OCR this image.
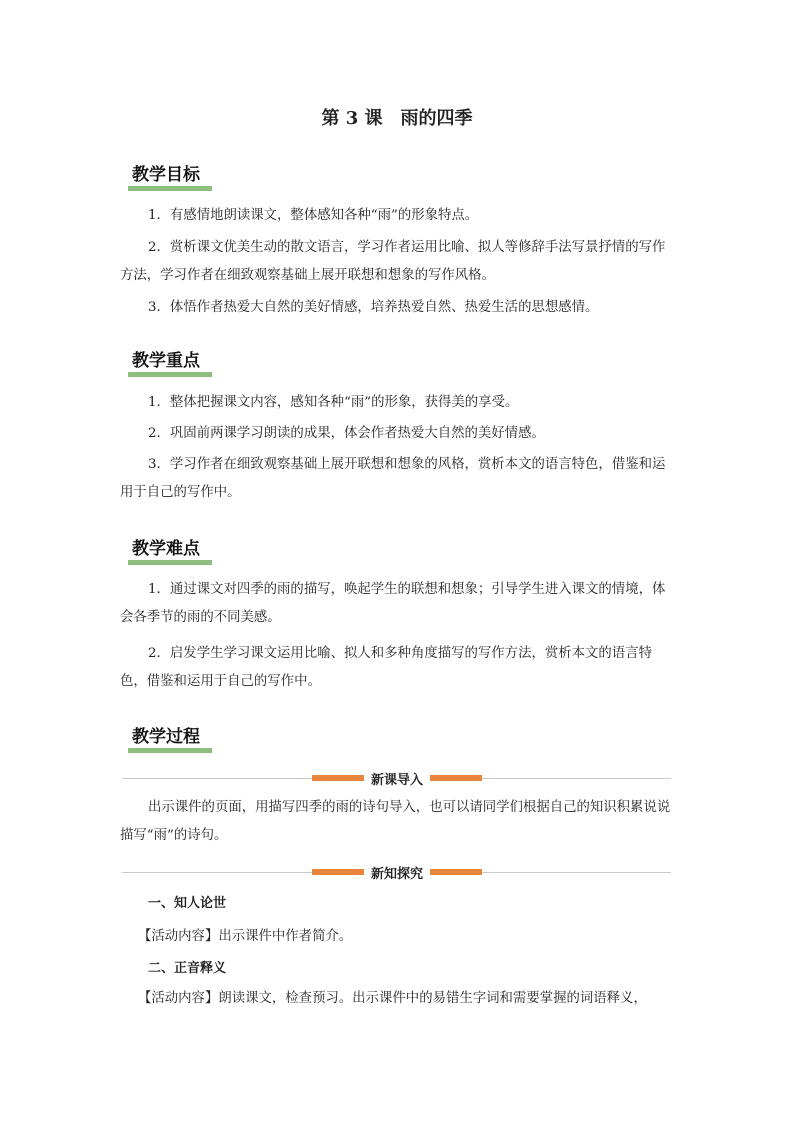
第 3 课　雨的四季
教学目标

1．有感情地朗读课文，整体感知各种“雨”的形象特点。

2．赏析课文优美生动的散文语言，学习作者运用比喻、拟人等修辞手法写景抒情的写作方法，学习作者在细致观察基础上展开联想和想象的写作风格。

3．体悟作者热爱大自然的美好情感，培养热爱自然、热爱生活的思想感情。

教学重点

1．整体把握课文内容，感知各种“雨”的形象，获得美的享受。

2．巩固前两课学习朗读的成果，体会作者热爱大自然的美好情感。

3．学习作者在细致观察基础上展开联想和想象的风格，赏析本文的语言特色，借鉴和运用于自己的写作中。

教学难点

1．通过课文对四季的雨的描写，唤起学生的联想和想象；引导学生进入课文的情境，体会各季节的雨的不同美感。

2．启发学生学习课文运用比喻、拟人和多种角度描写的写作方法，赏析本文的语言特色，借鉴和运用于自己的写作中。

教学过程
新课导入

出示课件的页面，用描写四季的雨的诗句导入，也可以请同学们根据自己的知识积累说说描写“雨”的诗句。

新知探究
一、知人论世
【活动内容】出示课件中作者简介。
二、正音释义
【活动内容】朗读课文，检查预习。出示课件中的易错生字词和需要掌握的词语释义，
